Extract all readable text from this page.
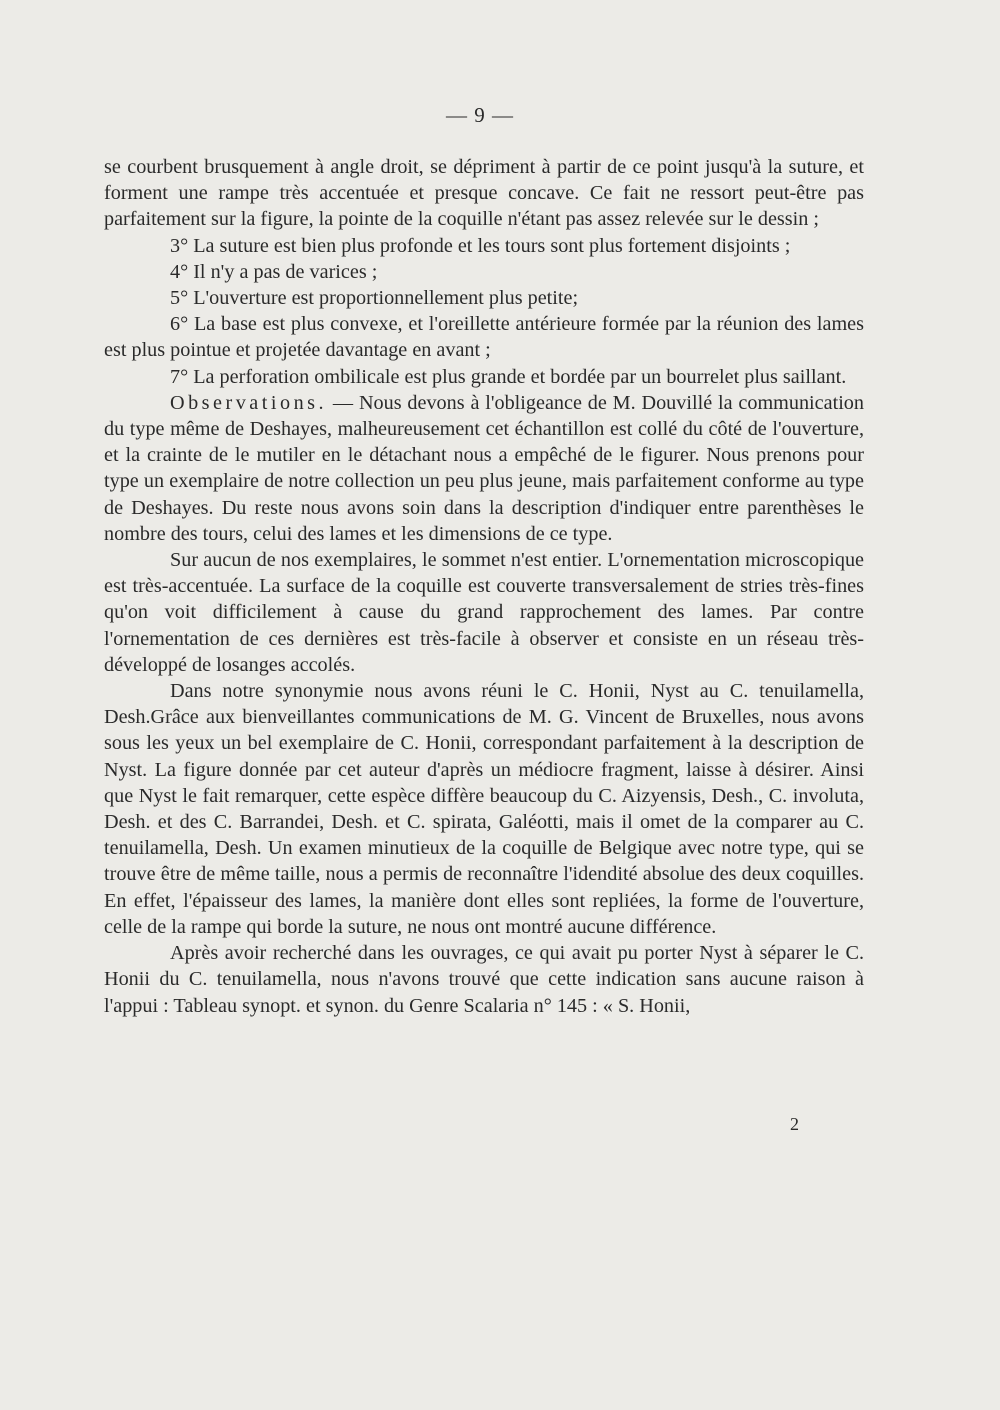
— 9 —

se courbent brusquement à angle droit, se dépriment à partir de ce point jusqu'à la suture, et forment une rampe très accentuée et presque concave. Ce fait ne ressort peut-être pas parfaitement sur la figure, la pointe de la coquille n'étant pas assez relevée sur le dessin ;

3° La suture est bien plus profonde et les tours sont plus fortement disjoints ;

4° Il n'y a pas de varices ;

5° L'ouverture est proportionnellement plus petite;

6° La base est plus convexe, et l'oreillette antérieure formée par la réunion des lames est plus pointue et projetée davantage en avant ;

7° La perforation ombilicale est plus grande et bordée par un bourrelet plus saillant.

Observations. — Nous devons à l'obligeance de M. Douvillé la communication du type même de Deshayes, malheureusement cet échantillon est collé du côté de l'ouverture, et la crainte de le mutiler en le détachant nous a empêché de le figurer. Nous prenons pour type un exemplaire de notre collection un peu plus jeune, mais parfaitement conforme au type de Deshayes. Du reste nous avons soin dans la description d'indiquer entre parenthèses le nombre des tours, celui des lames et les dimensions de ce type.

Sur aucun de nos exemplaires, le sommet n'est entier. L'ornementation microscopique est très-accentuée. La surface de la coquille est couverte transversalement de stries très-fines qu'on voit difficilement à cause du grand rapprochement des lames. Par contre l'ornementation de ces dernières est très-facile à observer et consiste en un réseau très-développé de losanges accolés.

Dans notre synonymie nous avons réuni le C. Honii, Nyst au C. tenuilamella, Desh.Grâce aux bienveillantes communications de M. G. Vincent de Bruxelles, nous avons sous les yeux un bel exemplaire de C. Honii, correspondant parfaitement à la description de Nyst. La figure donnée par cet auteur d'après un médiocre fragment, laisse à désirer. Ainsi que Nyst le fait remarquer, cette espèce diffère beaucoup du C. Aizyensis, Desh., C. involuta, Desh. et des C. Barrandei, Desh. et C. spirata, Galéotti, mais il omet de la comparer au C. tenuilamella, Desh. Un examen minutieux de la coquille de Belgique avec notre type, qui se trouve être de même taille, nous a permis de reconnaître l'idendité absolue des deux coquilles. En effet, l'épaisseur des lames, la manière dont elles sont repliées, la forme de l'ouverture, celle de la rampe qui borde la suture, ne nous ont montré aucune différence.

Après avoir recherché dans les ouvrages, ce qui avait pu porter Nyst à séparer le C. Honii du C. tenuilamella, nous n'avons trouvé que cette indication sans aucune raison à l'appui : Tableau synopt. et synon. du Genre Scalaria n° 145 : « S. Honii,

2
